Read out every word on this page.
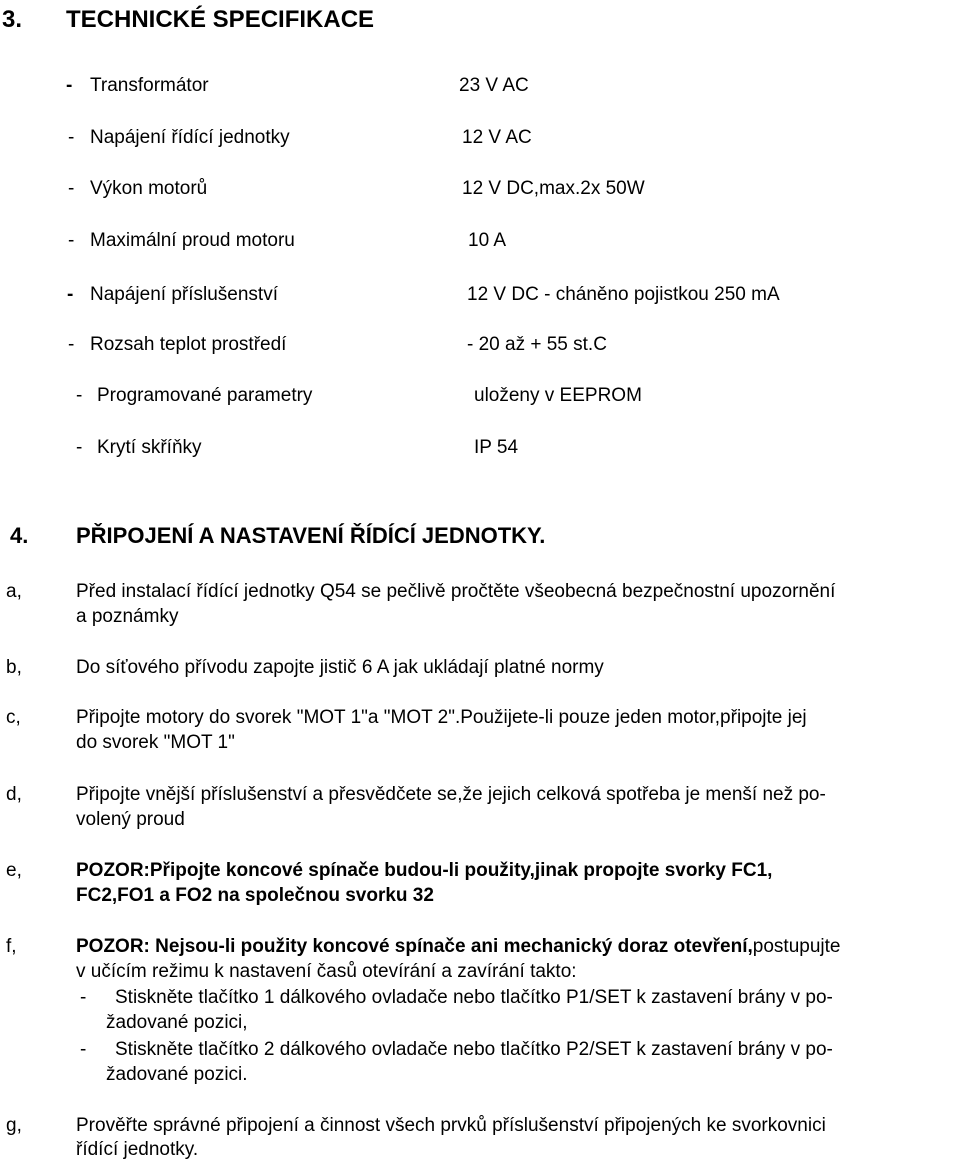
3. TECHNICKÉ SPECIFIKACE
- Transformátor	23 V AC
- Napájení řídící jednotky	12 V AC
- Výkon motorů	12 V DC,max.2x 50W
- Maximální proud motoru	10 A
- Napájení příslušenství	12 V DC - cháněno pojistkou 250 mA
- Rozsah teplot prostředí	- 20 až + 55 st.C
- Programované parametry	uloženy v EEPROM
- Krytí skříňky	IP 54
4. PŘIPOJENÍ A NASTAVENÍ ŘÍDÍCÍ JEDNOTKY.
a,	Před instalací řídící jednotky Q54 se pečlivě pročtěte všeobecná bezpečnostní upozornění
a poznámky
b,	Do síťového přívodu zapojte jistič 6 A jak ukládají platné normy
c,	Připojte motory do svorek "MOT 1"a "MOT 2".Použijete-li pouze jeden motor,připojte jej
do svorek "MOT 1"
d,	Připojte vnější příslušenství a přesvědčete se,že jejich celková spotřeba je menší než po-
volený proud
e,	POZOR:Připojte koncové spínače budou-li použity,jinak propojte svorky FC1,
FC2,FO1 a FO2 na společnou svorku 32
f,	POZOR: Nejsou-li použity koncové spínače ani mechanický doraz otevření,postupujte
v učícím režimu k nastavení časů otevírání a zavírání takto:
- Stiskněte tlačítko 1 dálkového ovladače nebo tlačítko P1/SET k zastavení brány v po-
žadované pozici,
- Stiskněte tlačítko 2 dálkového ovladače nebo tlačítko P2/SET k zastavení brány v po-
žadované pozici.
g,	Prověřte správné připojení a činnost všech prvků příslušenství připojených ke svorkovnici
řídící jednotky.
